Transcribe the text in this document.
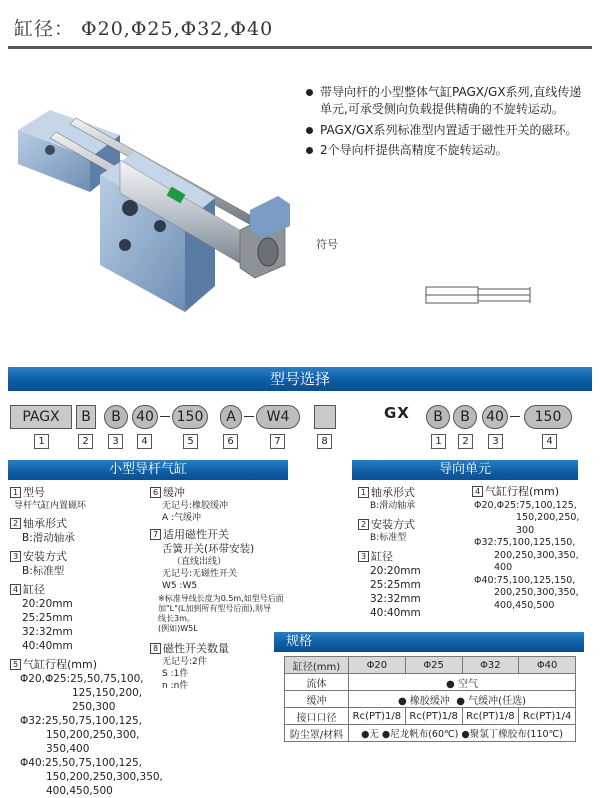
缸径： Φ20,Φ25,Φ32,Φ40
带导向杆的小型整体气缸PAGX/GX系列,直线传递单元,可承受侧向负载提供精确的不旋转运动。
PAGX/GX系列标准型内置适于磁性开关的磁环。
2个导向杆提供高精度不旋转运动。
符号
型号选择
PAGX	B	B	40	150	A	W4
1	2	3	4	5	6	7	8
GX	B	B	40	150
1	2	3	4
小型导杆气缸	导向单元
1 型号
导杆气缸内置磁环
2 轴承形式
B:滑动轴承
3 安装方式
B:标准型
4 缸径
20:20mm
25:25mm
32:32mm
40:40mm
5 气缸行程(mm)
Φ20,Φ25:25,50,75,100,
125,150,200,
250,300
Φ32:25,50,75,100,125,
150,200,250,300,
350,400
Φ40:25,50,75,100,125,
150,200,250,300,350,
400,450,500
6 缓冲
无记号:橡胶缓冲
A :气缓冲
7 适用磁性开关
舌簧开关(环带安装)
（直线出线）
无记号:无磁性开关
W5 :W5
※标准导线长度为0.5m,如型号后面
加"L"(L加到所有型号后面),则导
线长3m。
(例如)W5L
8 磁性开关数量
无记号:2件
S :1件
n :n件
1 轴承形式
B:滑动轴承
2 安装方式
B:标准型
3 缸径
20:20mm
25:25mm
32:32mm
40:40mm
4 气缸行程(mm)
Φ20,Φ25:75,100,125,
150,200,250,
300
Φ32:75,100,125,150,
200,250,300,350,
400
Φ40:75,100,125,150,
200,250,300,350,
400,450,500
规格
缸径(mm)	Φ20	Φ25	Φ32	Φ40
流体	● 空气			
缓冲	● 橡胶缓冲  ● 气缓冲(任选)			
接口口径	Rc(PT)1/8	Rc(PT)1/8	Rc(PT)1/8	Rc(PT)1/4
防尘罩/材料	●无 ●尼龙帆布(60℃) ●聚氯丁橡胶布(110℃)			
